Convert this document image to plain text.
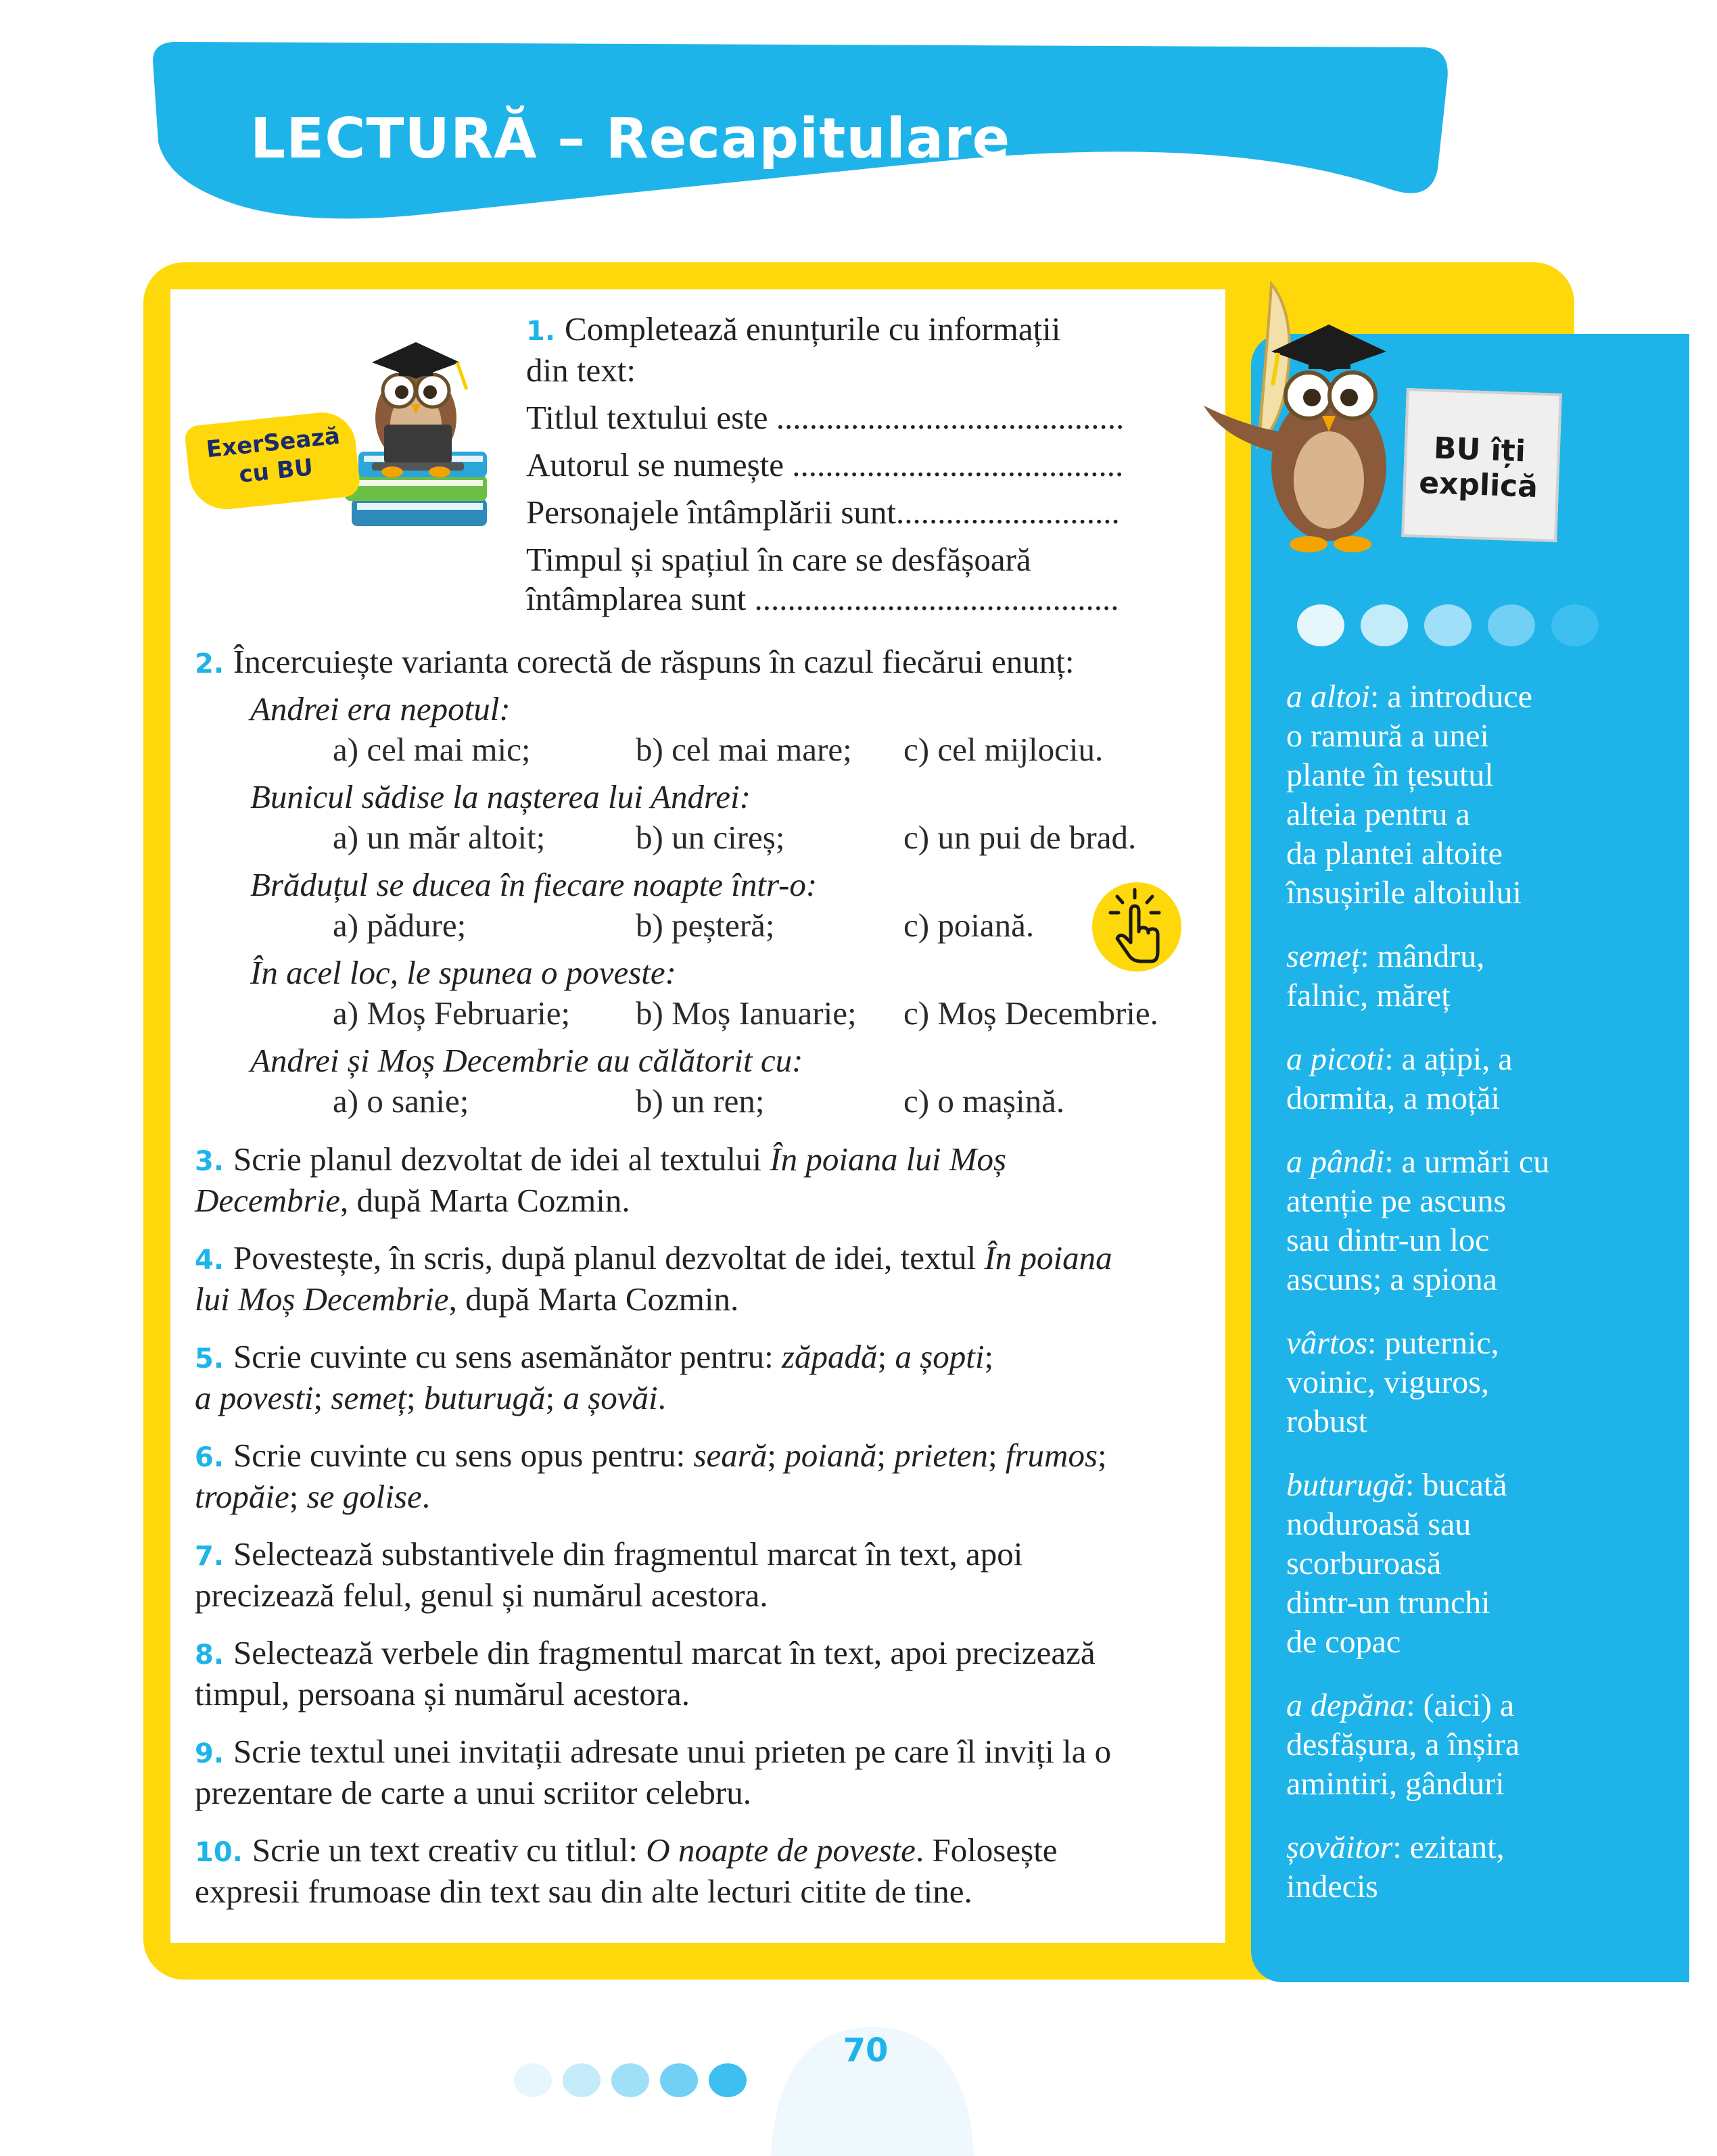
LECTURĂ – Recapitulare
ExerSează
cu BU
BU îți
explică
1. Completează enunțurile cu informații
din text:
Titlul textului este ..........................................
Autorul se numește ........................................
Personajele întâmplării sunt...........................
Timpul și spațiul în care se desfășoară
întâmplarea sunt ............................................
2. Încercuiește varianta corectă de răspuns în cazul fiecărui enunț:
Andrei era nepotul:
a) cel mai mic;	b) cel mai mare; c) cel mijlociu.
Bunicul sădise la nașterea lui Andrei:
a) un măr altoit;	b) un cireș;	c) un pui de brad.
Brăduțul se ducea în fiecare noapte într-o:
a) pădure;	b) peșteră;	c) poiană.
În acel loc, le spunea o poveste:
a) Moș Februarie; b) Moș Ianuarie; c) Moș Decembrie.
Andrei și Moș Decembrie au călătorit cu:
a) o sanie;	b) un ren;	c) o mașină.
3. Scrie planul dezvoltat de idei al textului În poiana lui Moș
Decembrie, după Marta Cozmin.
4. Povestește, în scris, după planul dezvoltat de idei, textul În poiana
lui Moș Decembrie, după Marta Cozmin.
5. Scrie cuvinte cu sens asemănător pentru: zăpadă; a șopti;
a povesti; semeț; buturugă; a șovăi.
6. Scrie cuvinte cu sens opus pentru: seară; poiană; prieten; frumos;
tropăie; se golise.
7. Selectează substantivele din fragmentul marcat în text, apoi
precizează felul, genul și numărul acestora.
8. Selectează verbele din fragmentul marcat în text, apoi precizează
timpul, persoana și numărul acestora.
9. Scrie textul unei invitații adresate unui prieten pe care îl inviți la o
prezentare de carte a unui scriitor celebru.
10. Scrie un text creativ cu titlul: O noapte de poveste. Folosește
expresii frumoase din text sau din alte lecturi citite de tine.
a altoi: a introduce
o ramură a unei
plante în țesutul
alteia pentru a
da plantei altoite
însușirile altoiului
semeț: mândru,
falnic, măreț
a picoti: a ațipi, a
dormita, a moțăi
a pândi: a urmări cu
atenție pe ascuns
sau dintr-un loc
ascuns; a spiona
vârtos: puternic,
voinic, viguros,
robust
buturugă: bucată
noduroasă sau
scorburoasă
dintr-un trunchi
de copac
a depăna: (aici) a
desfășura, a înșira
amintiri, gânduri
șovăitor: ezitant,
indecis
70
